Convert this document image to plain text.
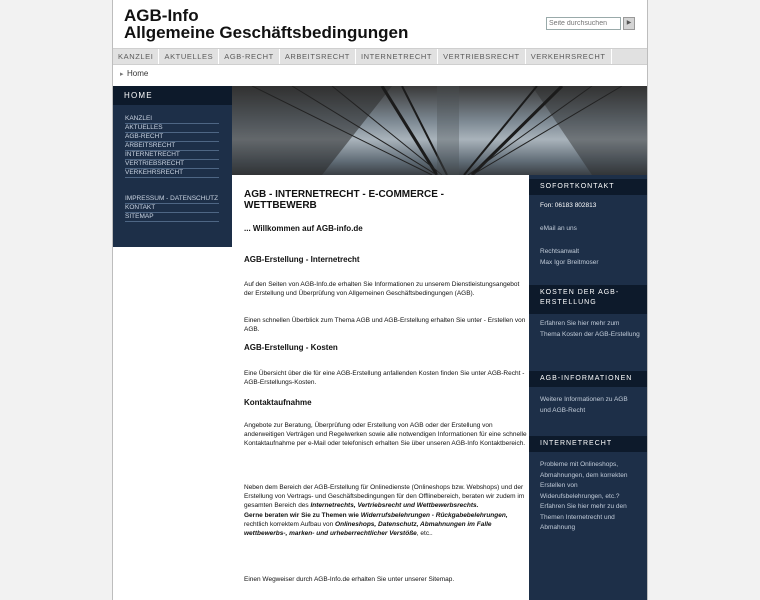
AGB-Info
Allgemeine Geschäftsbedingungen
Seite durchsuchen	▶
KANZLEI	AKTUELLES	AGB-RECHT	ARBEITSRECHT	INTERNETRECHT	VERTRIEBSRECHT	VERKEHRSRECHT
▸ Home
HOME
KANZLEI
AKTUELLES
AGB-RECHT
ARBEITSRECHT
INTERNETRECHT
VERTRIEBSRECHT
VERKEHRSRECHT
IMPRESSUM - DATENSCHUTZ
KONTAKT
SITEMAP
AGB - INTERNETRECHT - E-COMMERCE - WETTBEWERB
... Willkommen auf AGB-info.de
AGB-Erstellung - Internetrecht
Auf den Seiten von AGB-Info.de erhalten Sie Informationen zu unserem Dienstleistungsangebot der Erstellung und Überprüfung von Allgemeinen Geschäftsbedingungen (AGB).
Einen schnellen Überblick zum Thema AGB und AGB-Erstellung erhalten Sie unter - Erstellen von AGB.
AGB-Erstellung - Kosten
Eine Übersicht über die für eine AGB-Erstellung anfallenden Kosten finden Sie unter AGB-Recht - AGB-Erstellungs-Kosten.
Kontaktaufnahme
Angebote zur Beratung, Überprüfung oder Erstellung von AGB oder der Erstellung von anderweitigen Verträgen und Regelwerken sowie alle notwendigen Informationen für eine schnelle Kontaktaufnahme per e-Mail oder telefonisch erhalten Sie über unseren AGB-Info Kontaktbereich.
Neben dem Bereich der AGB-Erstellung für Onlinedienste (Onlineshops bzw. Webshops) und der Erstellung von Vertrags- und Geschäftsbedingungen für den Offlinebereich, beraten wir zudem im gesamten Bereich des Internetrechts, Vertriebsrecht und Wettbewerbsrechts.
Gerne beraten wir Sie zu Themen wie Widerrufsbelehrungen - Rückgabebelehrungen, rechtlich korrektem Aufbau von Onlineshops, Datenschutz, Abmahnungen im Falle wettbewerbs-, marken- und urheberrechtlicher Verstöße, etc..
Einen Wegweiser durch AGB-Info.de erhalten Sie unter unserer Sitemap.
SOFORTKONTAKT
Fon: 06183 802813
eMail an uns
Rechtsanwalt
Max Igor Breitmoser
KOSTEN DER AGB-ERSTELLUNG
Erfahren Sie hier mehr zum Thema Kosten der AGB-Erstellung
AGB-INFORMATIONEN
Weitere Informationen zu AGB und AGB-Recht
INTERNETRECHT
Probleme mit Onlineshops, Abmahnungen, dem korrekten Erstellen von Widerufsbelehrungen, etc.? Erfahren Sie hier mehr zu den Themen Internetrecht und Abmahnung
